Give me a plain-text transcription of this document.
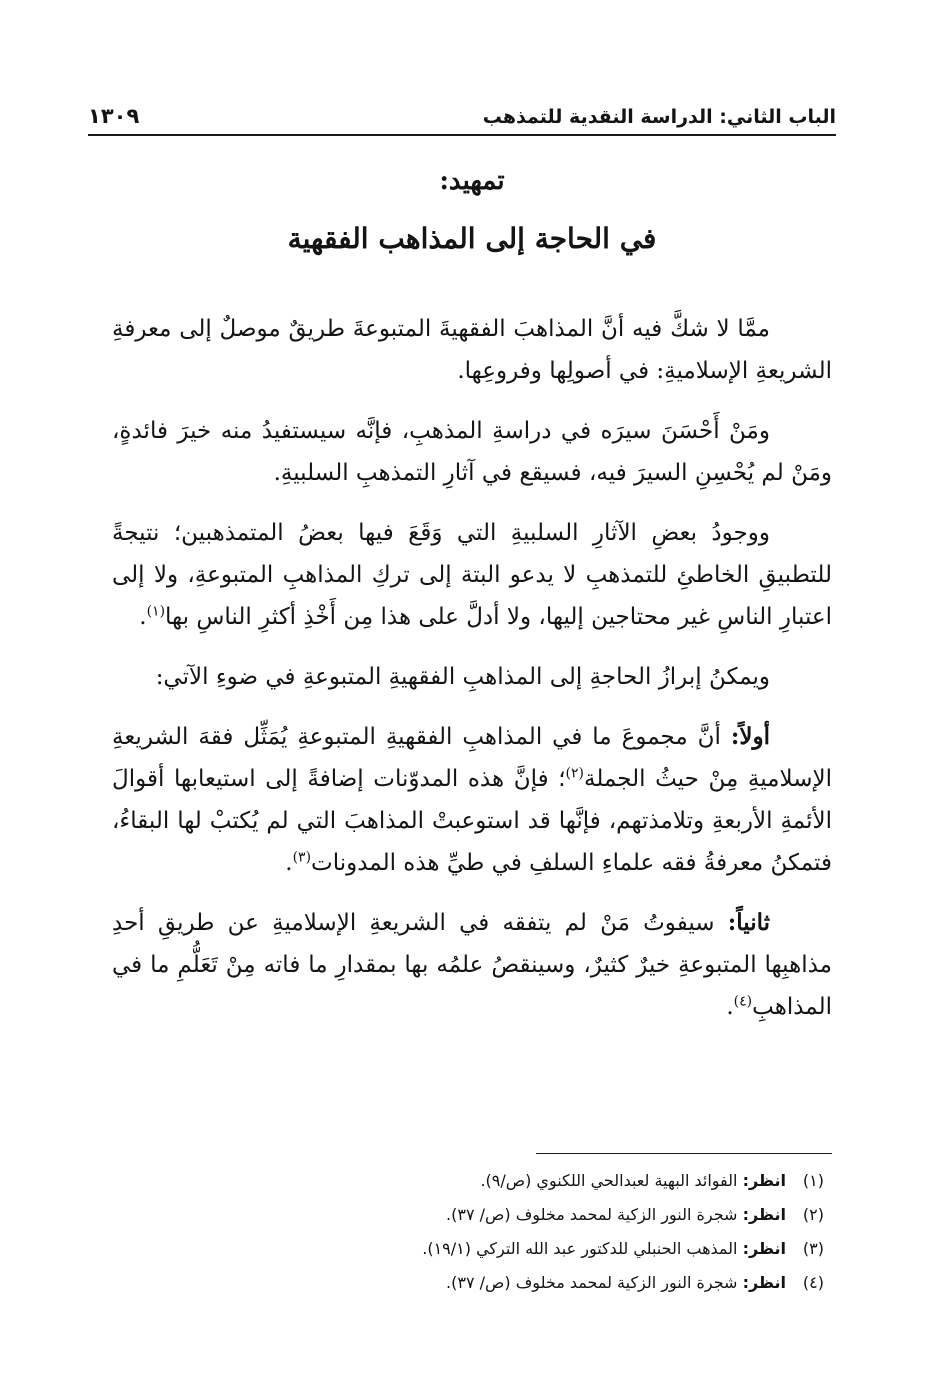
الباب الثاني: الدراسة النقدية للتمذهب
١٣٠٩
تمهيد:
في الحاجة إلى المذاهب الفقهية

ممَّا لا شكَّ فيه أنَّ المذاهبَ الفقهيةَ المتبوعةَ طريقٌ موصلٌ إلى معرفةِ الشريعةِ الإسلاميةِ: في أصولِها وفروعِها.

ومَنْ أَحْسَنَ سيرَه في دراسةِ المذهبِ، فإنَّه سيستفيدُ منه خيرَ فائدةٍ، ومَنْ لم يُحْسِنِ السيرَ فيه، فسيقع في آثارِ التمذهبِ السلبيةِ.

ووجودُ بعضِ الآثارِ السلبيةِ التي وَقَعَ فيها بعضُ المتمذهبين؛ نتيجةً للتطبيقِ الخاطئِ للتمذهبِ لا يدعو البتة إلى تركِ المذاهبِ المتبوعةِ، ولا إلى اعتبارِ الناسِ غير محتاجين إليها، ولا أدلَّ على هذا مِن أَخْذِ أكثرِ الناسِ بها$^{(١)}$.

ويمكنُ إبرازُ الحاجةِ إلى المذاهبِ الفقهيةِ المتبوعةِ في ضوءِ الآتي:

أولاً: أنَّ مجموعَ ما في المذاهبِ الفقهيةِ المتبوعةِ يُمَثِّل فقهَ الشريعةِ الإسلاميةِ مِنْ حيثُ الجملة$^{(٢)}$؛ فإنَّ هذه المدوّنات إضافةً إلى استيعابها أقوالَ الأئمةِ الأربعةِ وتلامذتهم، فإنَّها قد استوعبتْ المذاهبَ التي لم يُكتبْ لها البقاءُ، فتمكنُ معرفةُ فقه علماءِ السلفِ في طيِّ هذه المدونات$^{(٣)}$.

ثانياً: سيفوتُ مَنْ لم يتفقه في الشريعةِ الإسلاميةِ عن طريقِ أحدِ مذاهبِها المتبوعةِ خيرٌ كثيرٌ، وسينقصُ علمُه بها بمقدارِ ما فاته مِنْ تَعَلُّمِ ما في المذاهبِ$^{(٤)}$.

(١)
انظر: الفوائد البهية لعبدالحي اللكنوي (ص/٩).
(٢)
انظر: شجرة النور الزكية لمحمد مخلوف (ص/ ٣٧).
(٣)
انظر: المذهب الحنبلي للدكتور عبد الله التركي (١٩/١).
(٤)
انظر: شجرة النور الزكية لمحمد مخلوف (ص/ ٣٧).
